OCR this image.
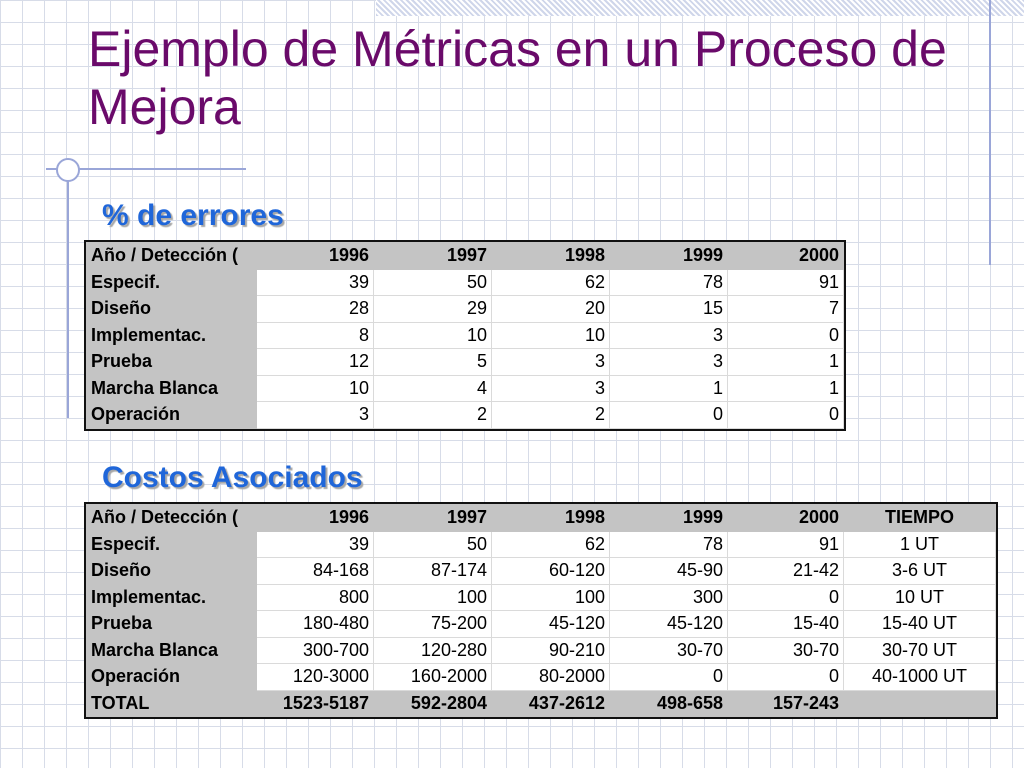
Ejemplo de Métricas en un Proceso de Mejora
% de errores
Año / Detección (	1996	1997	1998	1999	2000
Especif.	39	50	62	78	91
Diseño	28	29	20	15	7
Implementac.	8	10	10	3	0
Prueba	12	5	3	3	1
Marcha Blanca	10	4	3	1	1
Operación	3	2	2	0	0
Costos Asociados
Año / Detección (	1996	1997	1998	1999	2000	TIEMPO
Especif.	39	50	62	78	91	1 UT
Diseño	84-168	87-174	60-120	45-90	21-42	3-6 UT
Implementac.	800	100	100	300	0	10 UT
Prueba	180-480	75-200	45-120	45-120	15-40	15-40 UT
Marcha Blanca	300-700	120-280	90-210	30-70	30-70	30-70 UT
Operación	120-3000	160-2000	80-2000	0	0	40-1000 UT
TOTAL	1523-5187	592-2804	437-2612	498-658	157-243	
